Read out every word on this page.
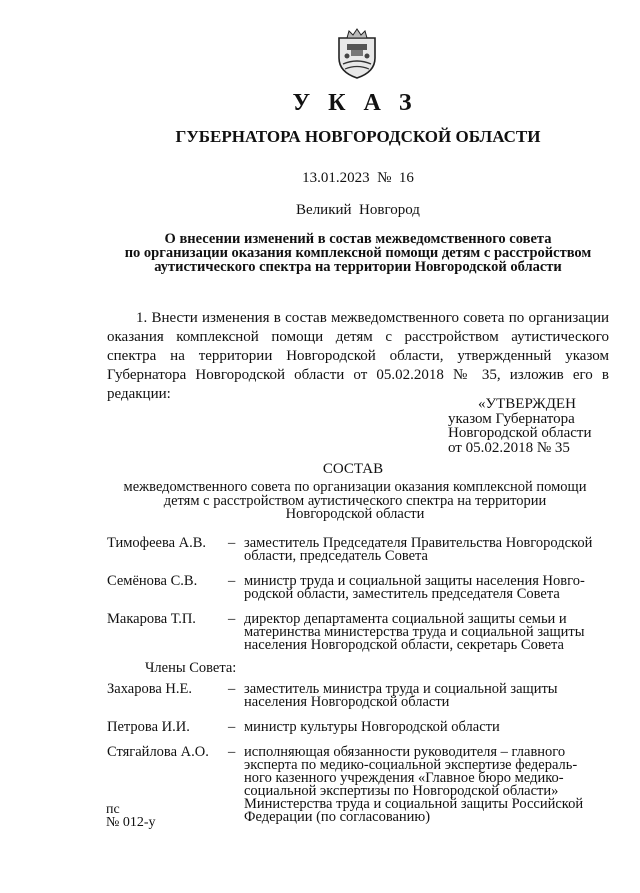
У К А З
ГУБЕРНАТОРА НОВГОРОДСКОЙ ОБЛАСТИ
13.01.2023  №  16
Великий  Новгород
О внесении изменений в состав межведомственного совета
по организации оказания комплексной помощи детям с расстройством
аутистического спектра на территории Новгородской области
1. Внести изменения в состав межведомственного совета по организации
оказания комплексной помощи детям с расстройством аутистического
спектра на территории Новгородской области, утвержденный указом
Губернатора Новгородской области от 05.02.2018 № 35, изложив его в
редакции:
«УТВЕРЖДЕН
указом Губернатора
Новгородской области
от 05.02.2018 № 35
СОСТАВ
межведомственного совета по организации оказания комплексной помощи
детям с расстройством аутистического спектра на территории
Новгородской области
Тимофеева А.В.	– заместитель Председателя Правительства Новгородской
области, председатель Совета
Семёнова С.В.	– министр труда и социальной защиты населения Новго-
родской области, заместитель председателя Совета
Макарова Т.П.	– директор департамента социальной защиты семьи и
материнства министерства труда и социальной защиты
населения Новгородской области, секретарь Совета
Члены Совета:
Захарова Н.Е.	– заместитель министра труда и социальной защиты
населения Новгородской области
Петрова И.И.	– министр культуры Новгородской области
Стягайлова А.О.	– исполняющая обязанности руководителя – главного
эксперта по медико-социальной экспертизе федераль-
ного казенного учреждения «Главное бюро медико-
социальной экспертизы по Новгородской области»
Министерства труда и социальной защиты Российской
Федерации (по согласованию)
пс
№ 012-у
